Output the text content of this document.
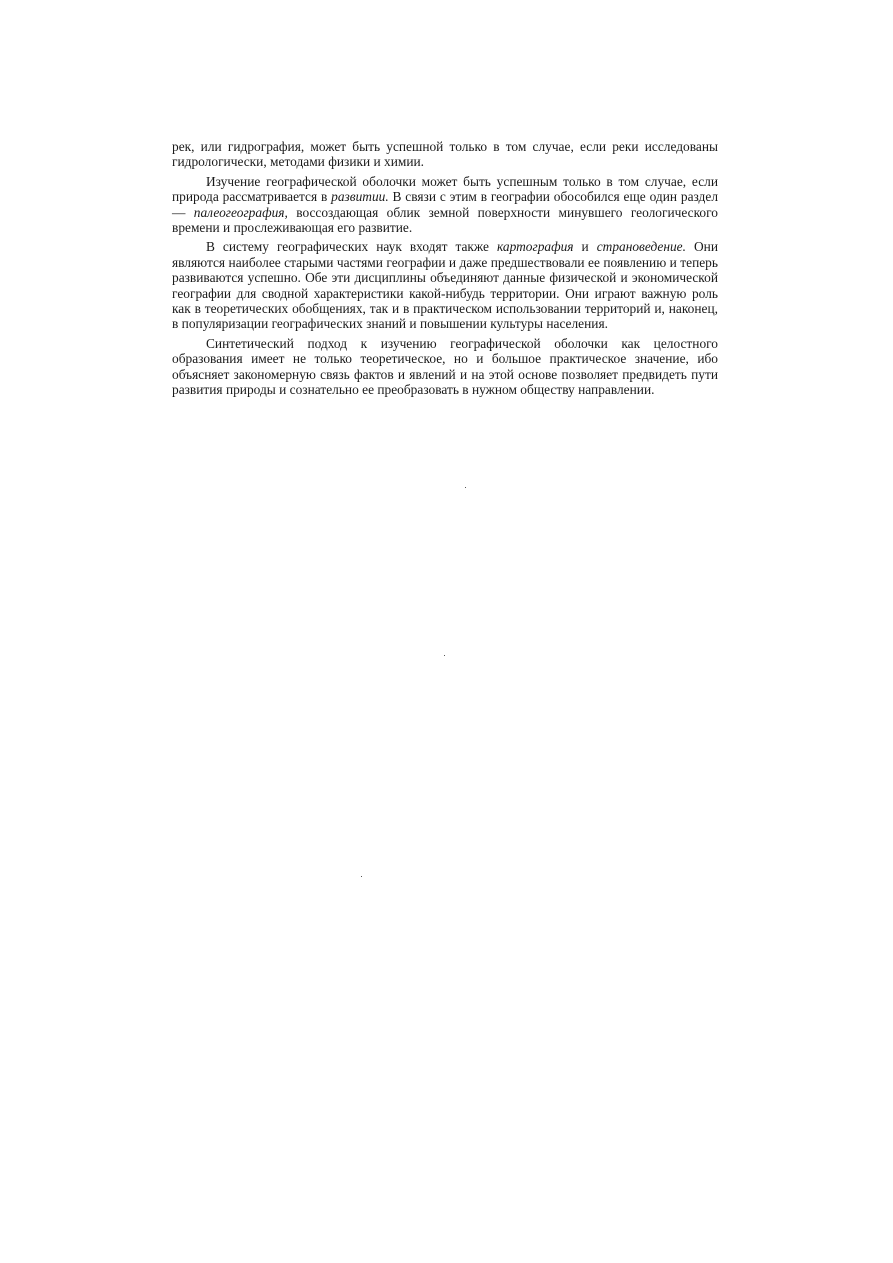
рек, или гидрография, может быть успешной только в том случае, если реки исследованы гидрологически, методами физики и химии.

Изучение географической оболочки может быть успешным только в том случае, если природа рассматривается в развитии. В связи с этим в географии обособился еще один раздел — палеогеография, воссоздающая облик земной поверхности минувшего геологического времени и прослеживающая его развитие.

В систему географических наук входят также картография и страноведение. Они являются наиболее старыми частями географии и даже предшествовали ее появлению и теперь развиваются успешно. Обе эти дисциплины объединяют данные физической и экономической географии для сводной характеристики какой-нибудь территории. Они играют важную роль как в теоретических обобщениях, так и в практическом использовании территорий и, наконец, в популяризации географических знаний и повышении культуры населения.

Синтетический подход к изучению географической оболочки как целостного образования имеет не только теоретическое, но и большое практическое значение, ибо объясняет закономерную связь фактов и явлений и на этой основе позволяет предвидеть пути развития природы и сознательно ее преобразовать в нужном обществу направлении.
